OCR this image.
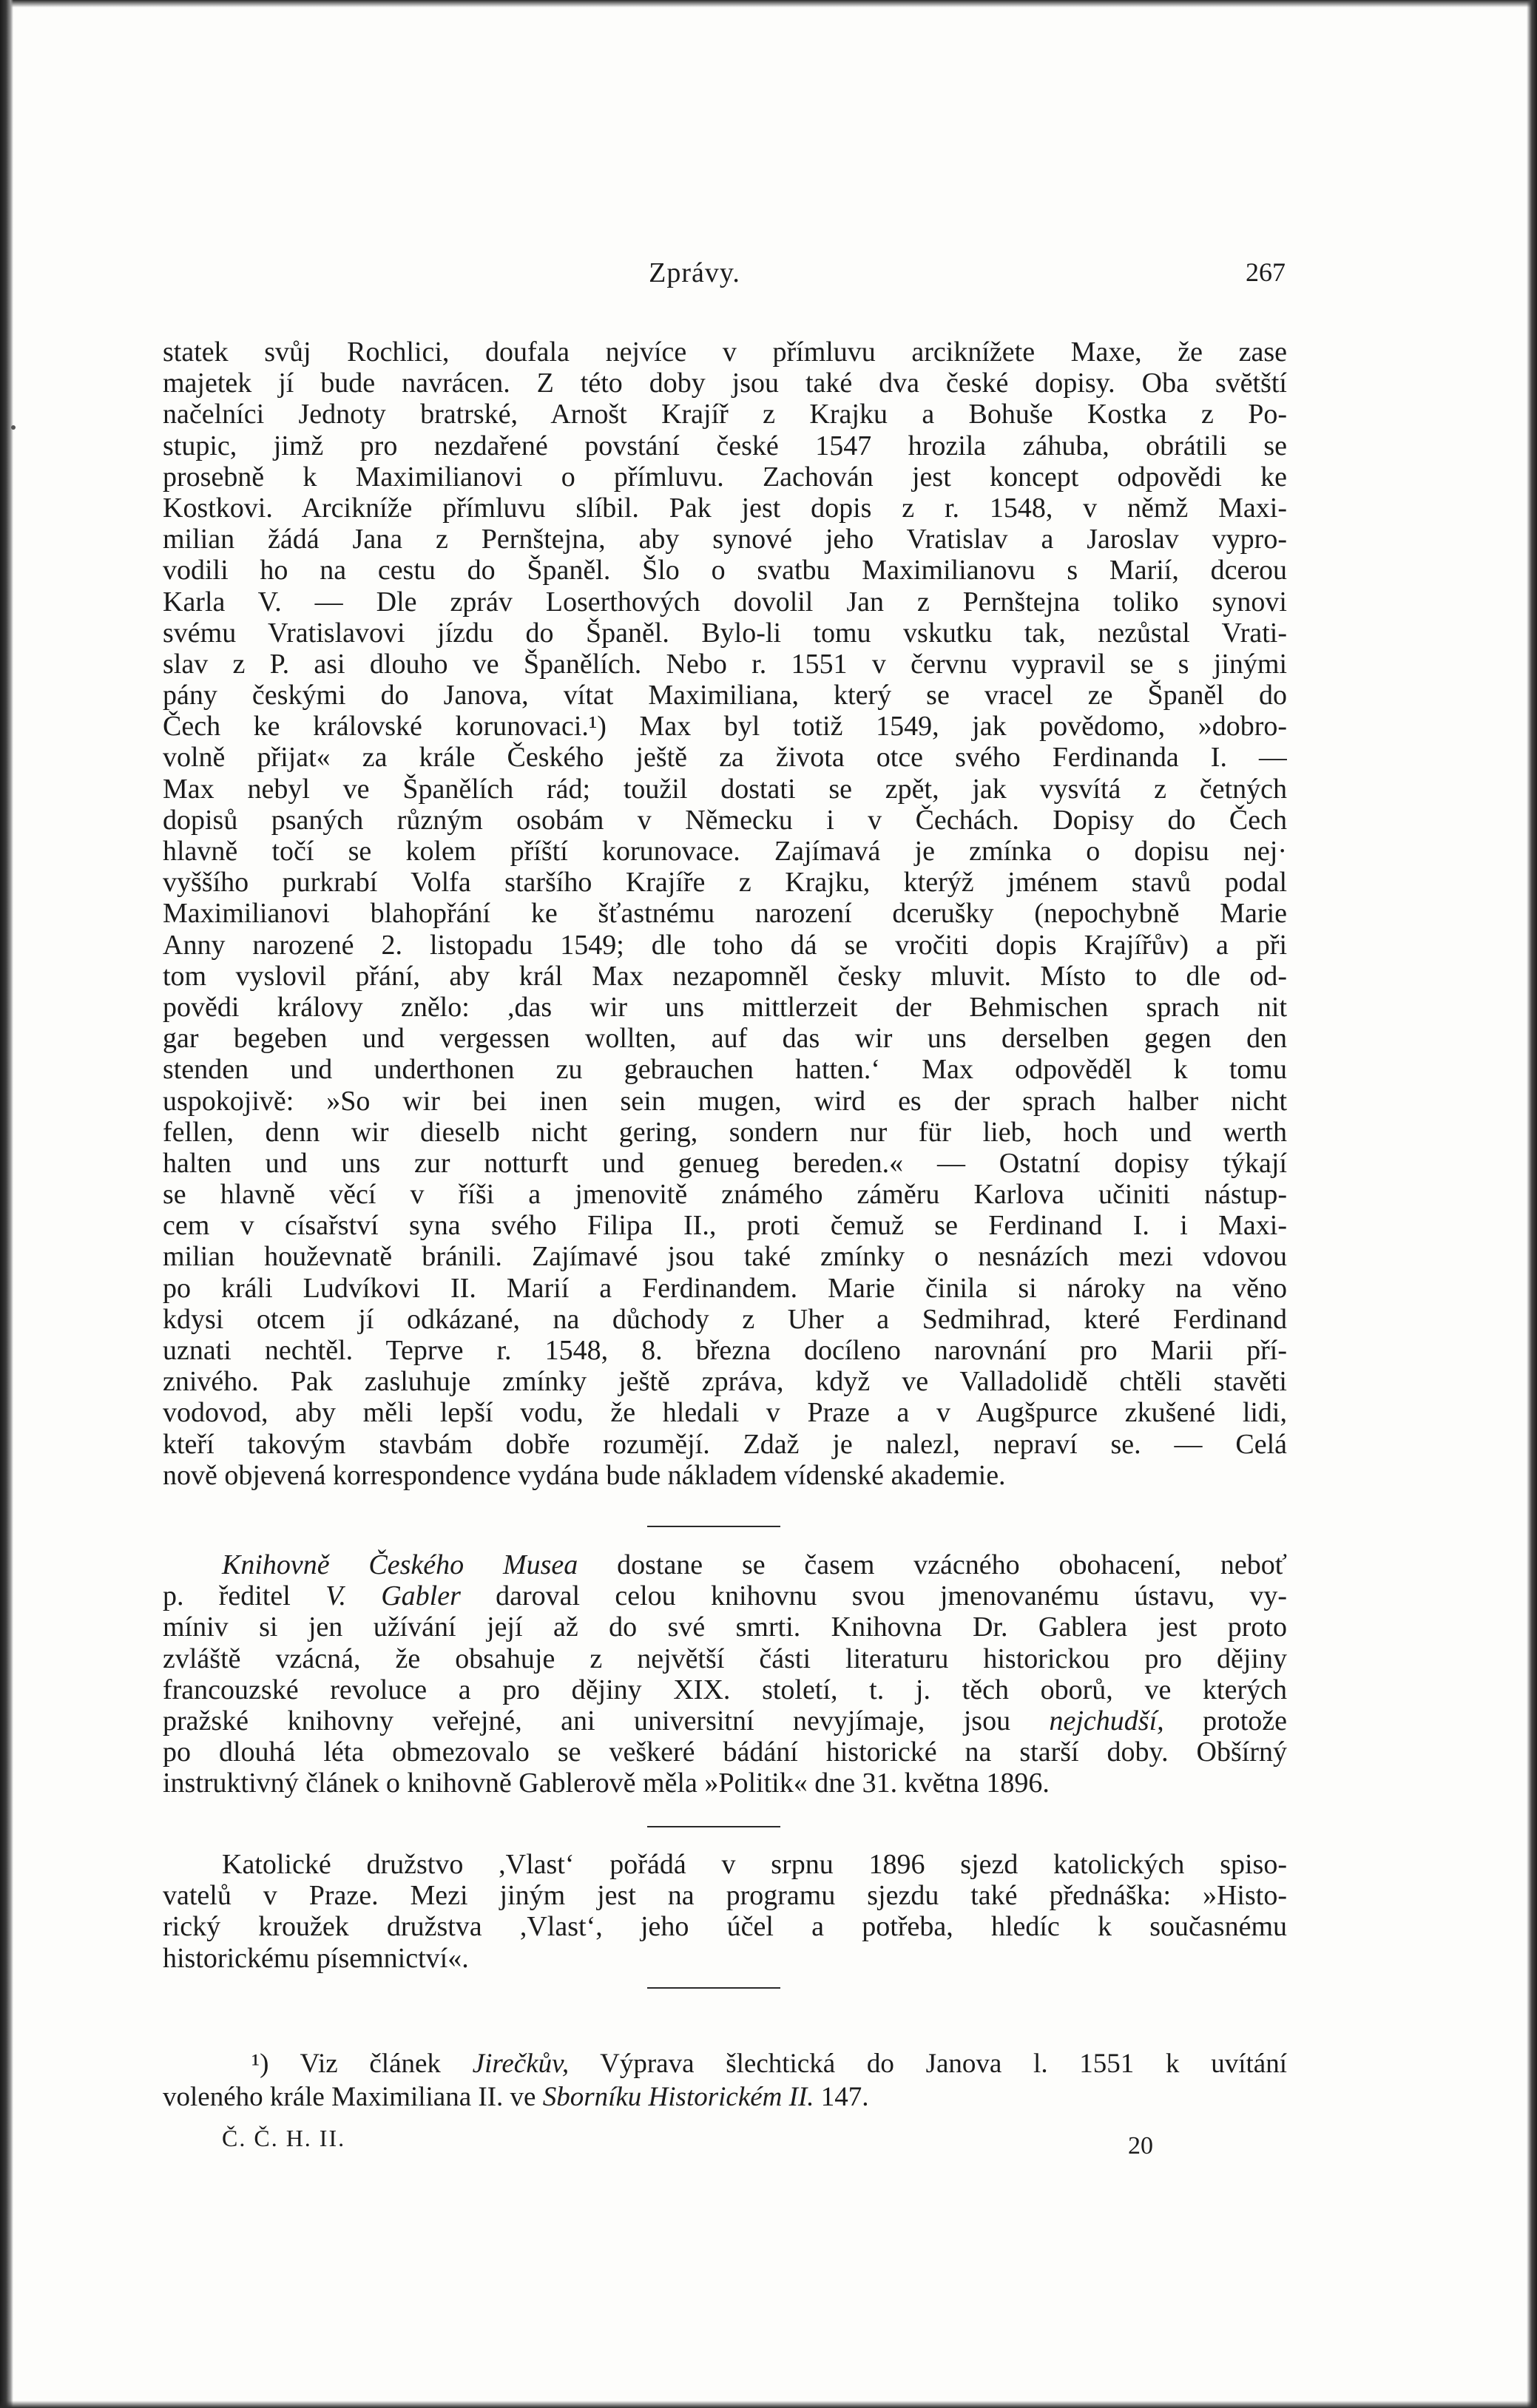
Zprávy.	267
statek svůj Rochlici, doufala nejvíce v přímluvu arciknížete Maxe, že zase
majetek jí bude navrácen. Z této doby jsou také dva české dopisy. Oba svĕtští
načelníci Jednoty bratrské, Arnošt Krajíř z Krajku a Bohuše Kostka z Po-
stupic, jimž pro nezdařené povstání české 1547 hrozila záhuba, obrátili se
prosebně k Maximilianovi o přímluvu. Zachován jest koncept odpovědi ke
Kostkovi. Arcikníže přímluvu slíbil. Pak jest dopis z r. 1548, v němž Maxi-
milian žádá Jana z Pernštejna, aby synové jeho Vratislav a Jaroslav vypro-
vodili ho na cestu do Španěl. Šlo o svatbu Maximilianovu s Marií, dcerou
Karla V. — Dle zpráv Loserthových dovolil Jan z Pernštejna toliko synovi
svému Vratislavovi jízdu do Španěl. Bylo-li tomu vskutku tak, nezůstal Vrati-
slav z P. asi dlouho ve Španělích. Nebo r. 1551 v červnu vypravil se s jinými
pány českými do Janova, vítat Maximiliana, který se vracel ze Španěl do
Čech ke královské korunovaci.¹) Max byl totiž 1549, jak povědomo, »dobro-
volně přijat« za krále Českého ještě za života otce svého Ferdinanda I. —
Max nebyl ve Španělích rád; toužil dostati se zpět, jak vysvítá z četných
dopisů psaných různým osobám v Německu i v Čechách. Dopisy do Čech
hlavně točí se kolem příští korunovace. Zajímavá je zmínka o dopisu nej·
vyššího purkrabí Volfa staršího Krajíře z Krajku, kterýž jménem stavů podal
Maximilianovi blahopřání ke šťastnému narození dcerušky (nepochybně Marie
Anny narozené 2. listopadu 1549; dle toho dá se vročiti dopis Krajířův) a při
tom vyslovil přání, aby král Max nezapomněl česky mluvit. Místo to dle od-
povědi královy znělo: ,das wir uns mittlerzeit der Behmischen sprach nit
gar begeben und vergessen wollten, auf das wir uns derselben gegen den
stenden und underthonen zu gebrauchen hatten.‘ Max odpověděl k tomu
uspokojivě: »So wir bei inen sein mugen, wird es der sprach halber nicht
fellen, denn wir dieselb nicht gering, sondern nur für lieb, hoch und werth
halten und uns zur notturft und genueg bereden.« — Ostatní dopisy týkají
se hlavně věcí v říši a jmenovitě známého záměru Karlova učiniti nástup-
cem v císařství syna svého Filipa II., proti čemuž se Ferdinand I. i Maxi-
milian houževnatě bránili. Zajímavé jsou také zmínky o nesnázích mezi vdovou
po králi Ludvíkovi II. Marií a Ferdinandem. Marie činila si nároky na věno
kdysi otcem jí odkázané, na důchody z Uher a Sedmihrad, které Ferdinand
uznati nechtěl. Teprve r. 1548, 8. března docíleno narovnání pro Marii pří-
znivého. Pak zasluhuje zmínky ještě zpráva, když ve Valladolidě chtěli stavěti
vodovod, aby měli lepší vodu, že hledali v Praze a v Augšpurce zkušené lidi,
kteří takovým stavbám dobře rozumějí. Zdaž je nalezl, nepraví se. — Celá
nově objevená korrespondence vydána bude nákladem vídenské akademie.
Knihovně Českého Musea dostane se časem vzácného obohacení, neboť
p. ředitel V. Gabler daroval celou knihovnu svou jmenovanému ústavu, vy-
míniv si jen užívání její až do své smrti. Knihovna Dr. Gablera jest proto
zvláště vzácná, že obsahuje z největší části literaturu historickou pro dějiny
francouzské revoluce a pro dějiny XIX. století, t. j. těch oborů, ve kterých
pražské knihovny veřejné, ani universitní nevyjímaje, jsou nejchudší, protože
po dlouhá léta obmezovalo se veškeré bádání historické na starší doby. Obšírný
instruktivný článek o knihovně Gablerově měla »Politik« dne 31. května 1896.
Katolické družstvo ,Vlast‘ pořádá v srpnu 1896 sjezd katolických spiso-
vatelů v Praze. Mezi jiným jest na programu sjezdu také přednáška: »Histo-
rický kroužek družstva ,Vlast‘, jeho účel a potřeba, hledíc k současnému
historickému písemnictví«.
¹) Viz článek Jirečkův, Výprava šlechtická do Janova l. 1551 k uvítání
voleného krále Maximiliana II. ve Sborníku Historickém II. 147.
Č. Č. H. II.	20
